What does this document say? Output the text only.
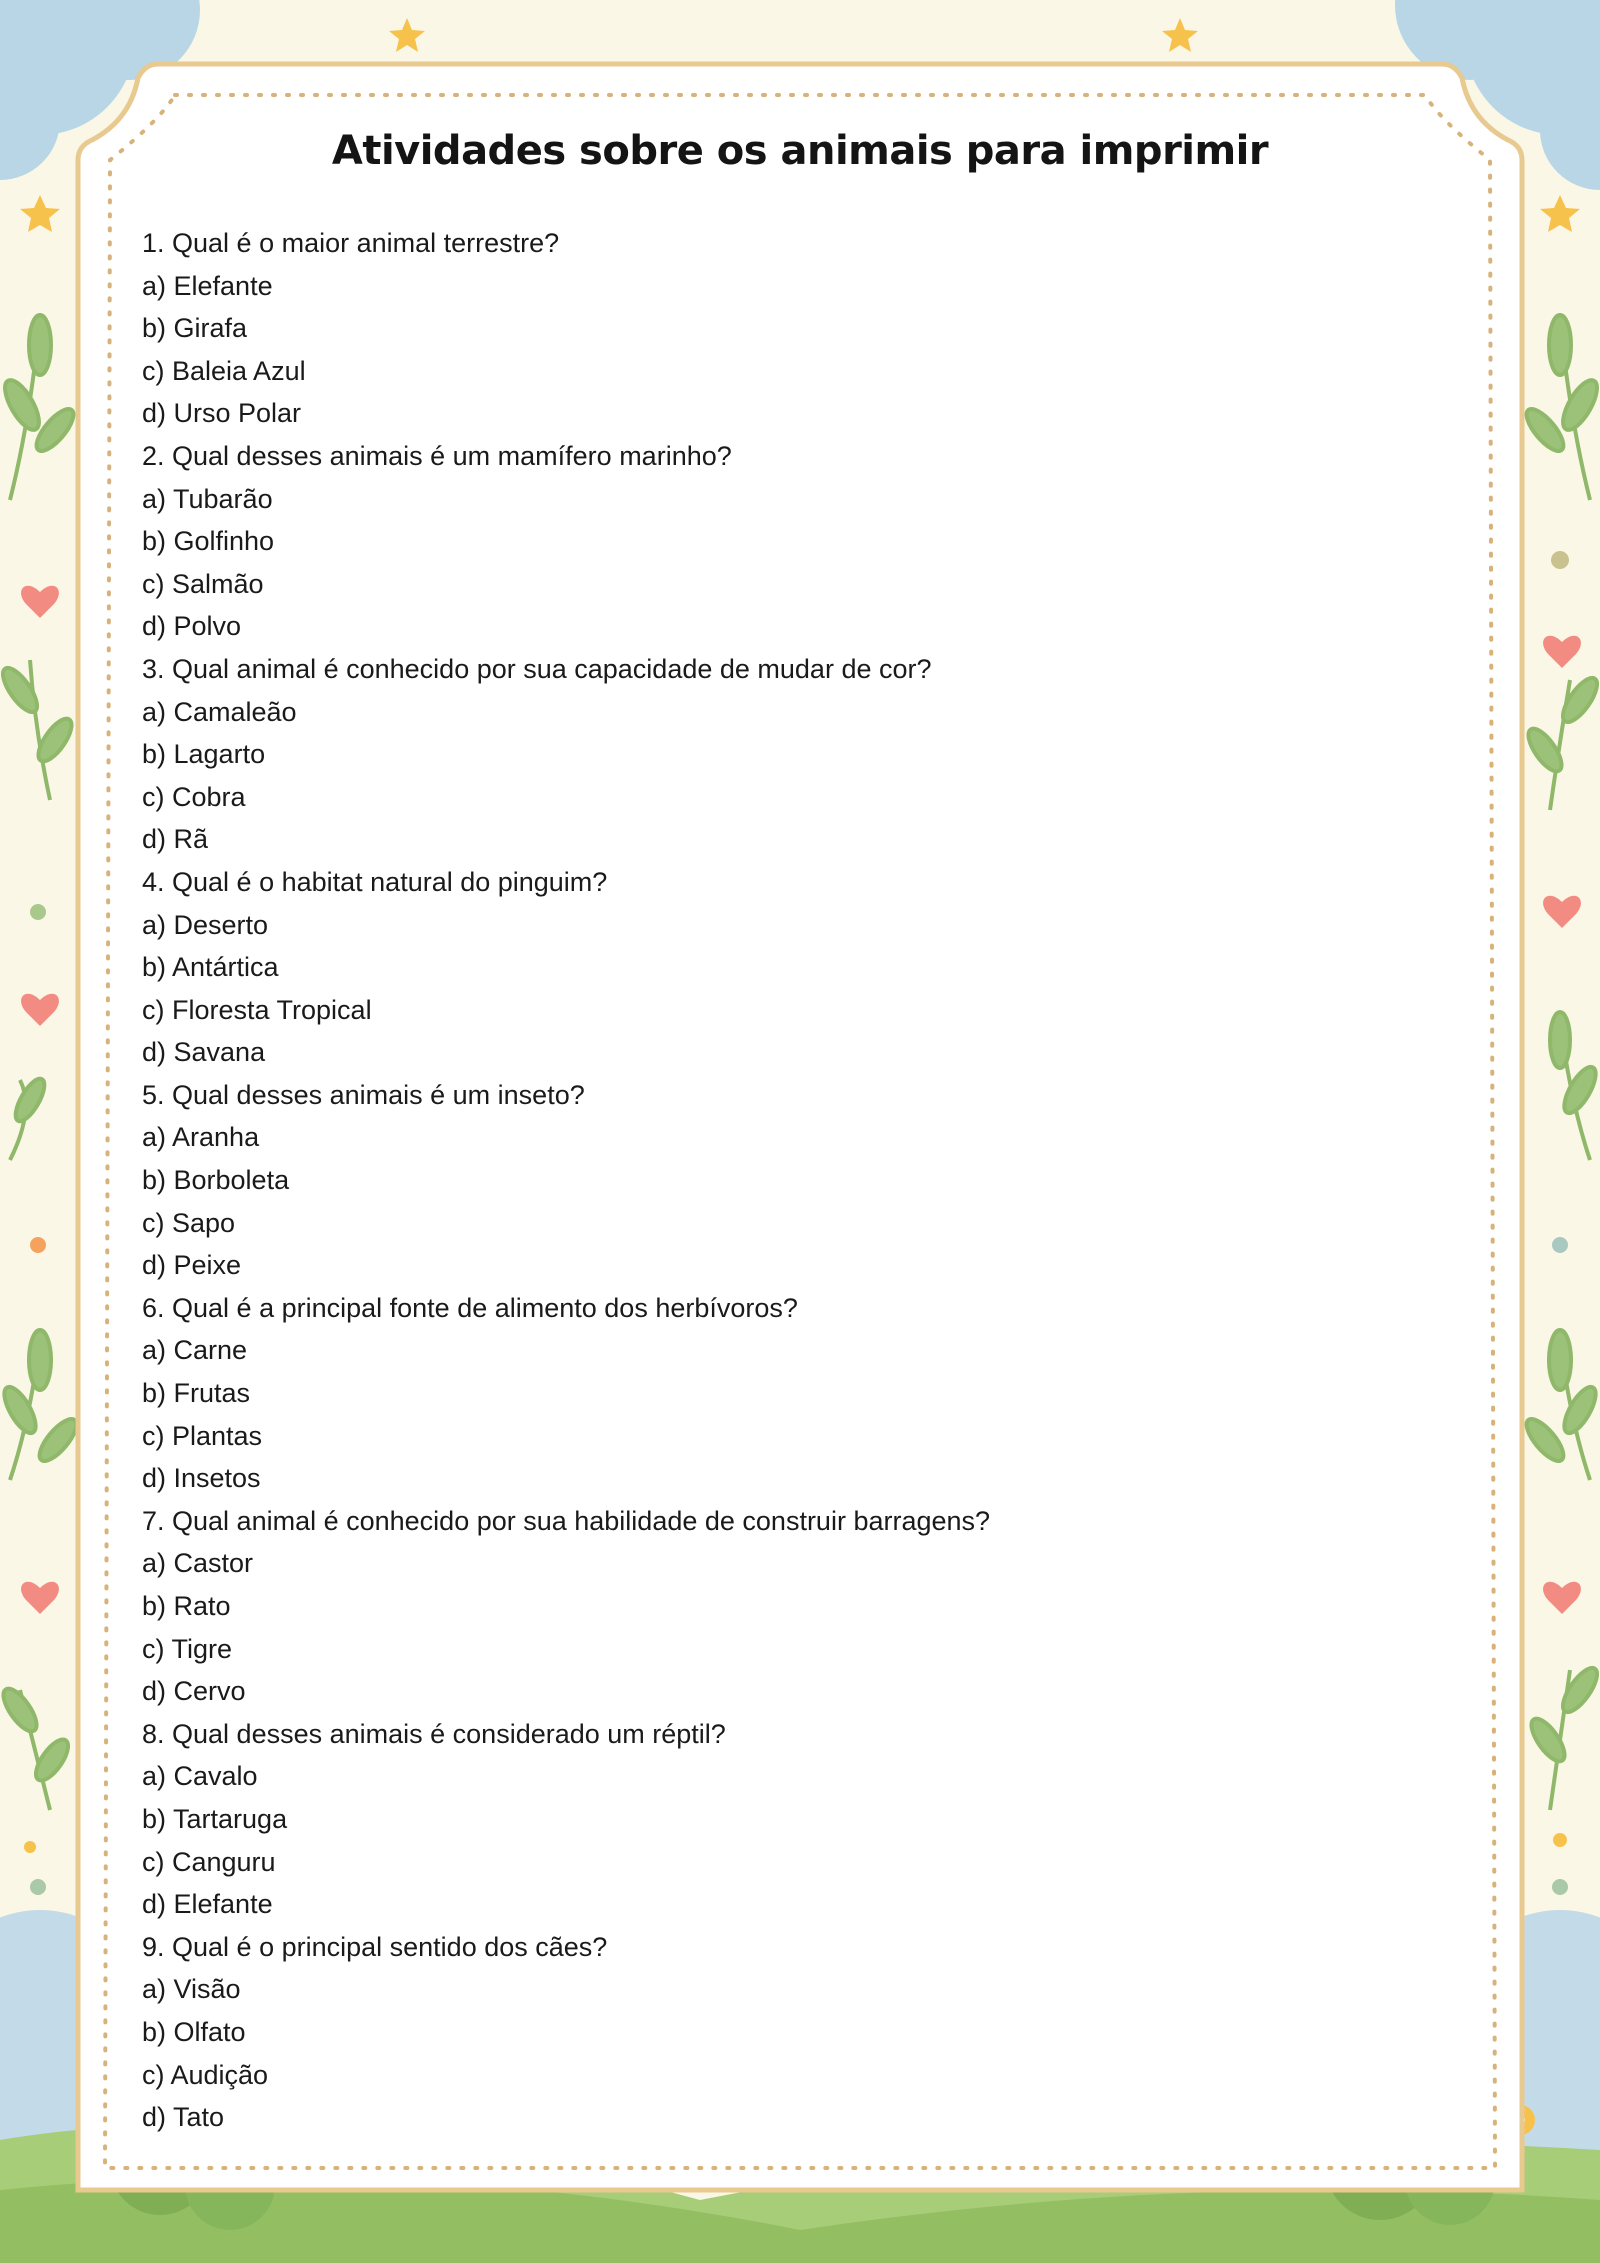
Atividades sobre os animais para imprimir
1. Qual é o maior animal terrestre?
a) Elefante
b) Girafa
c) Baleia Azul
d) Urso Polar
2. Qual desses animais é um mamífero marinho?
a) Tubarão
b) Golfinho
c) Salmão
d) Polvo
3. Qual animal é conhecido por sua capacidade de mudar de cor?
a) Camaleão
b) Lagarto
c) Cobra
d) Rã
4. Qual é o habitat natural do pinguim?
a) Deserto
b) Antártica
c) Floresta Tropical
d) Savana
5. Qual desses animais é um inseto?
a) Aranha
b) Borboleta
c) Sapo
d) Peixe
6. Qual é a principal fonte de alimento dos herbívoros?
a) Carne
b) Frutas
c) Plantas
d) Insetos
7. Qual animal é conhecido por sua habilidade de construir barragens?
a) Castor
b) Rato
c) Tigre
d) Cervo
8. Qual desses animais é considerado um réptil?
a) Cavalo
b) Tartaruga
c) Canguru
d) Elefante
9. Qual é o principal sentido dos cães?
a) Visão
b) Olfato
c) Audição
d) Tato
